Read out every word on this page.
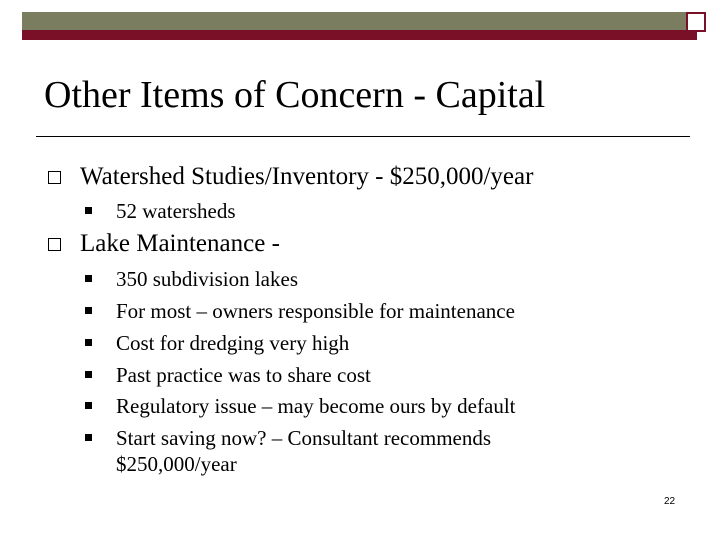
Other Items of Concern - Capital
Watershed Studies/Inventory - $250,000/year
52 watersheds
Lake Maintenance -
350 subdivision lakes
For most – owners responsible for maintenance
Cost for dredging very high
Past practice was to share cost
Regulatory issue – may become ours by default
Start saving now? – Consultant recommends
$250,000/year
22
